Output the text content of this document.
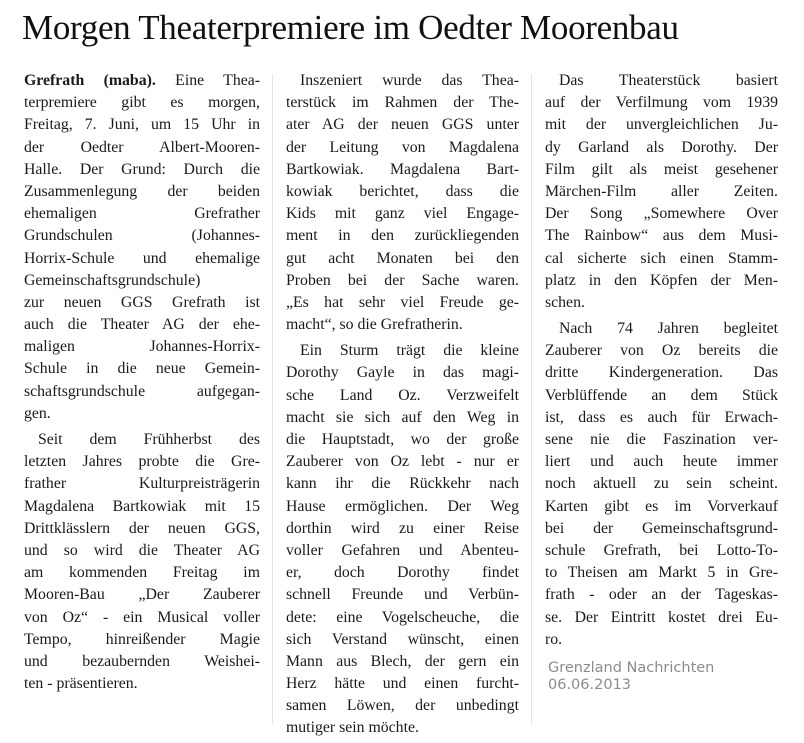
Morgen Theaterpremiere im Oedter Moorenbau
Grefrath (maba). Eine Thea-
terpremiere gibt es morgen,
Freitag, 7. Juni, um 15 Uhr in
der Oedter Albert-Mooren-
Halle. Der Grund: Durch die
Zusammenlegung der beiden
ehemaligen Grefrather
Grundschulen (Johannes-
Horrix-Schule und ehemalige
Gemeinschaftsgrundschule)
zur neuen GGS Grefrath ist
auch die Theater AG der ehe-
maligen Johannes-Horrix-
Schule in die neue Gemein-
schaftsgrundschule aufgegan-
gen.
Seit dem Frühherbst des
letzten Jahres probte die Gre-
frather Kulturpreisträgerin
Magdalena Bartkowiak mit 15
Drittklässlern der neuen GGS,
und so wird die Theater AG
am kommenden Freitag im
Mooren-Bau „Der Zauberer
von Oz“ - ein Musical voller
Tempo, hinreißender Magie
und bezaubernden Weishei-
ten - präsentieren.
Inszeniert wurde das Thea-
terstück im Rahmen der The-
ater AG der neuen GGS unter
der Leitung von Magdalena
Bartkowiak. Magdalena Bart-
kowiak berichtet, dass die
Kids mit ganz viel Engage-
ment in den zurückliegenden
gut acht Monaten bei den
Proben bei der Sache waren.
„Es hat sehr viel Freude ge-
macht“, so die Grefratherin.
Ein Sturm trägt die kleine
Dorothy Gayle in das magi-
sche Land Oz. Verzweifelt
macht sie sich auf den Weg in
die Hauptstadt, wo der große
Zauberer von Oz lebt - nur er
kann ihr die Rückkehr nach
Hause ermöglichen. Der Weg
dorthin wird zu einer Reise
voller Gefahren und Abenteu-
er, doch Dorothy findet
schnell Freunde und Verbün-
dete: eine Vogelscheuche, die
sich Verstand wünscht, einen
Mann aus Blech, der gern ein
Herz hätte und einen furcht-
samen Löwen, der unbedingt
mutiger sein möchte.
Das Theaterstück basiert
auf der Verfilmung vom 1939
mit der unvergleichlichen Ju-
dy Garland als Dorothy. Der
Film gilt als meist gesehener
Märchen-Film aller Zeiten.
Der Song „Somewhere Over
The Rainbow“ aus dem Musi-
cal sicherte sich einen Stamm-
platz in den Köpfen der Men-
schen.
Nach 74 Jahren begleitet
Zauberer von Oz bereits die
dritte Kindergeneration. Das
Verblüffende an dem Stück
ist, dass es auch für Erwach-
sene nie die Faszination ver-
liert und auch heute immer
noch aktuell zu sein scheint.
Karten gibt es im Vorverkauf
bei der Gemeinschaftsgrund-
schule Grefrath, bei Lotto-To-
to Theisen am Markt 5 in Gre-
frath - oder an der Tageskas-
se. Der Eintritt kostet drei Eu-
ro.
Grenzland Nachrichten
06.06.2013
